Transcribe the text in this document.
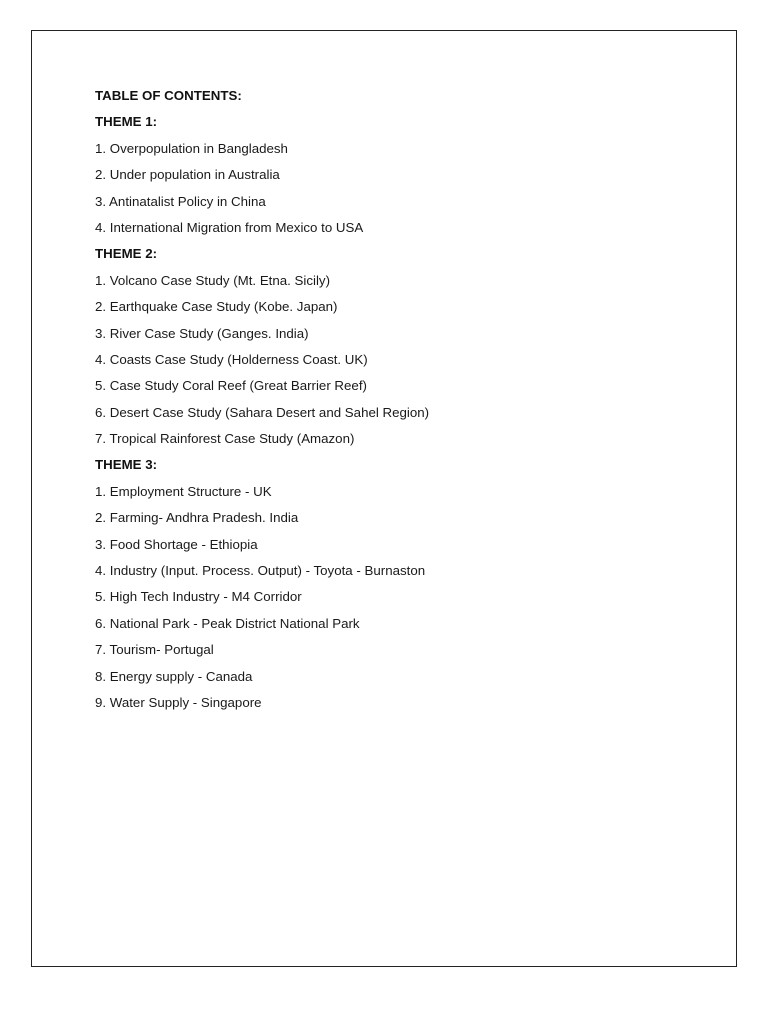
TABLE OF CONTENTS:
THEME 1:
1. Overpopulation in Bangladesh
2. Under population in Australia
3. Antinatalist Policy in China
4. International Migration from Mexico to USA
THEME 2:
1. Volcano Case Study (Mt. Etna. Sicily)
2. Earthquake Case Study (Kobe. Japan)
3. River Case Study (Ganges. India)
4. Coasts Case Study (Holderness Coast. UK)
5. Case Study Coral Reef (Great Barrier Reef)
6. Desert Case Study (Sahara Desert and Sahel Region)
7. Tropical Rainforest Case Study (Amazon)
THEME 3:
1. Employment Structure - UK
2. Farming- Andhra Pradesh. India
3. Food Shortage - Ethiopia
4. Industry (Input. Process. Output) - Toyota - Burnaston
5. High Tech Industry - M4 Corridor
6. National Park - Peak District National Park
7. Tourism- Portugal
8. Energy supply - Canada
9. Water Supply - Singapore
